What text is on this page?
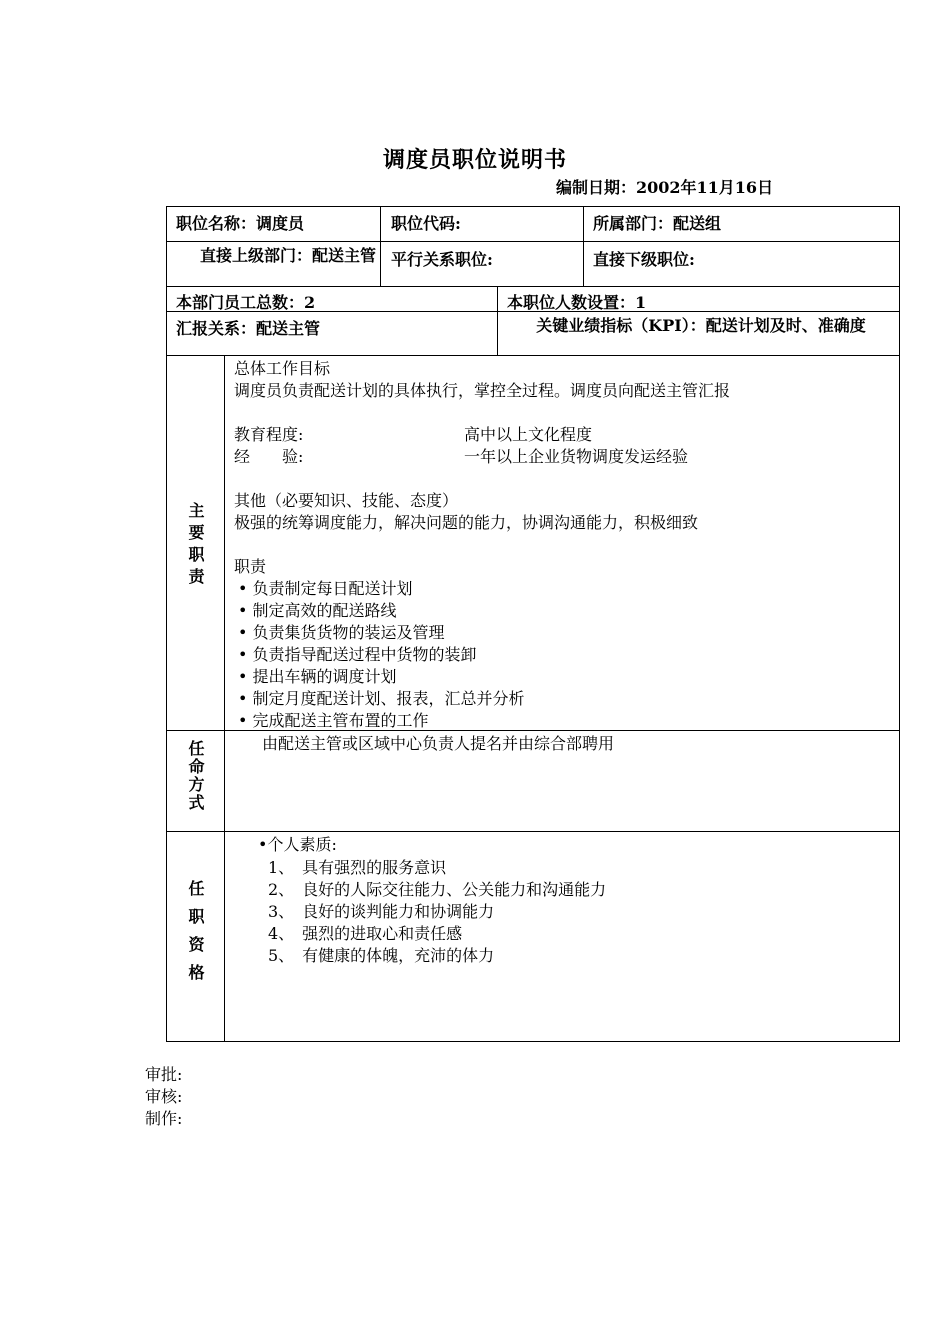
调度员职位说明书
编制日期：2002年11月16日
职位名称：调度员	职位代码:	所属部门：配送组
直接上级部门：配送主管 平行关系职位:	直接下级职位:
本部门员工总数：2	本职位人数设置：1
汇报关系：配送主管	关键业绩指标（KPI）：配送计划及时、准确度
主要职责
总体工作目标
调度员负责配送计划的具体执行，掌控全过程。调度员向配送主管汇报
教育程度:	高中以上文化程度
经　　验:	一年以上企业货物调度发运经验
其他（必要知识、技能、态度）
极强的统筹调度能力，解决问题的能力，协调沟通能力，积极细致
职责
• 负责制定每日配送计划
• 制定高效的配送路线
• 负责集货货物的装运及管理
• 负责指导配送过程中货物的装卸
• 提出车辆的调度计划
• 制定月度配送计划、报表，汇总并分析
• 完成配送主管布置的工作
任命方式	由配送主管或区域中心负责人提名并由综合部聘用
任职资格
•个人素质:
1、　具有强烈的服务意识
2、　良好的人际交往能力、公关能力和沟通能力
3、　良好的谈判能力和协调能力
4、　强烈的进取心和责任感
5、　有健康的体魄，充沛的体力
审批:
审核:
制作:
